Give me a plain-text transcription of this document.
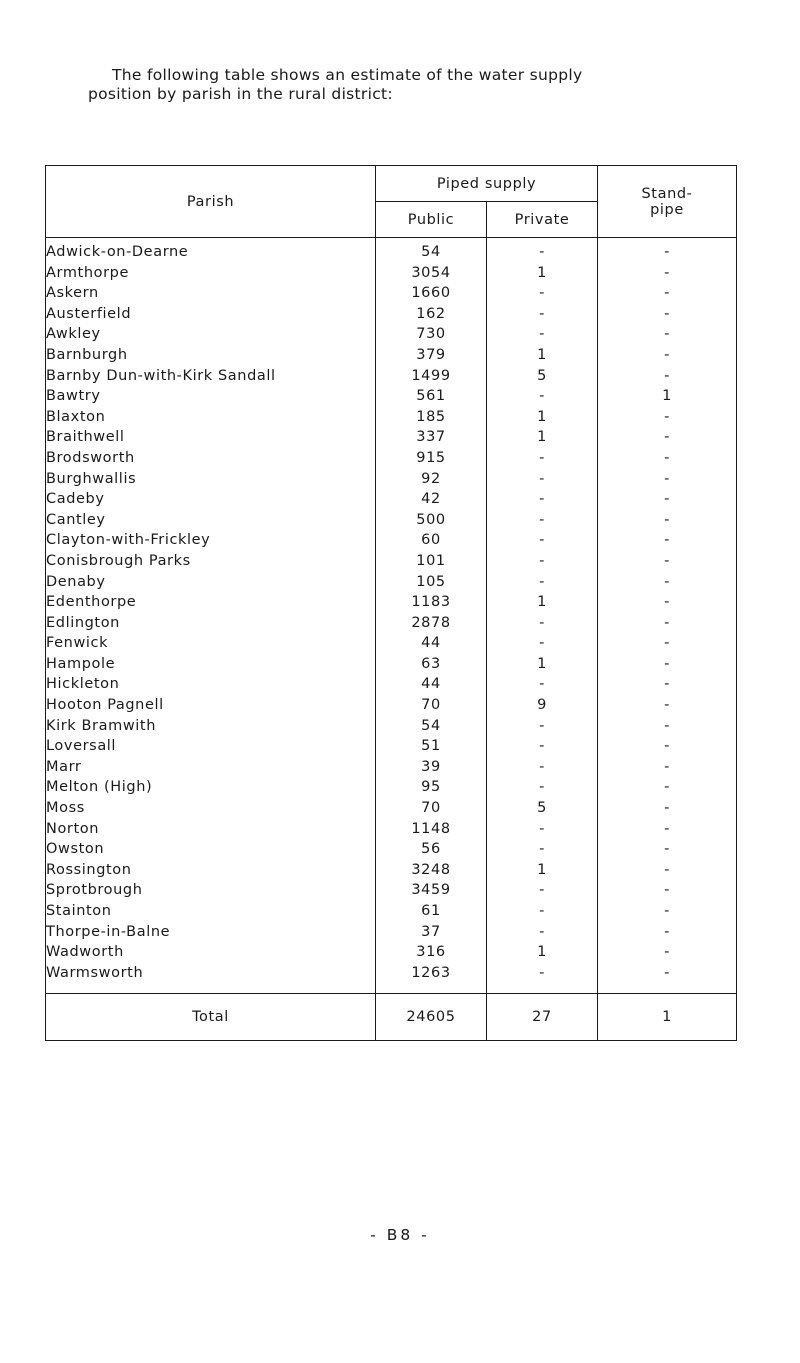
The following table shows an estimate of the water supply
position by parish in the rural district:
Parish	Piped supply		Stand-
pipe
	Public	Private	
Adwick-on-Dearne	54	-	-
Armthorpe	3054	1	-
Askern	1660	-	-
Austerfield	162	-	-
Awkley	730	-	-
Barnburgh	379	1	-
Barnby Dun-with-Kirk Sandall	1499	5	-
Bawtry	561	-	1
Blaxton	185	1	-
Braithwell	337	1	-
Brodsworth	915	-	-
Burghwallis	92	-	-
Cadeby	42	-	-
Cantley	500	-	-
Clayton-with-Frickley	60	-	-
Conisbrough Parks	101	-	-
Denaby	105	-	-
Edenthorpe	1183	1	-
Edlington	2878	-	-
Fenwick	44	-	-
Hampole	63	1	-
Hickleton	44	-	-
Hooton Pagnell	70	9	-
Kirk Bramwith	54	-	-
Loversall	51	-	-
Marr	39	-	-
Melton (High)	95	-	-
Moss	70	5	-
Norton	1148	-	-
Owston	56	-	-
Rossington	3248	1	-
Sprotbrough	3459	-	-
Stainton	61	-	-
Thorpe-in-Balne	37	-	-
Wadworth	316	1	-
Warmsworth	1263	-	-
Total	24605	27	1
- B8 -
